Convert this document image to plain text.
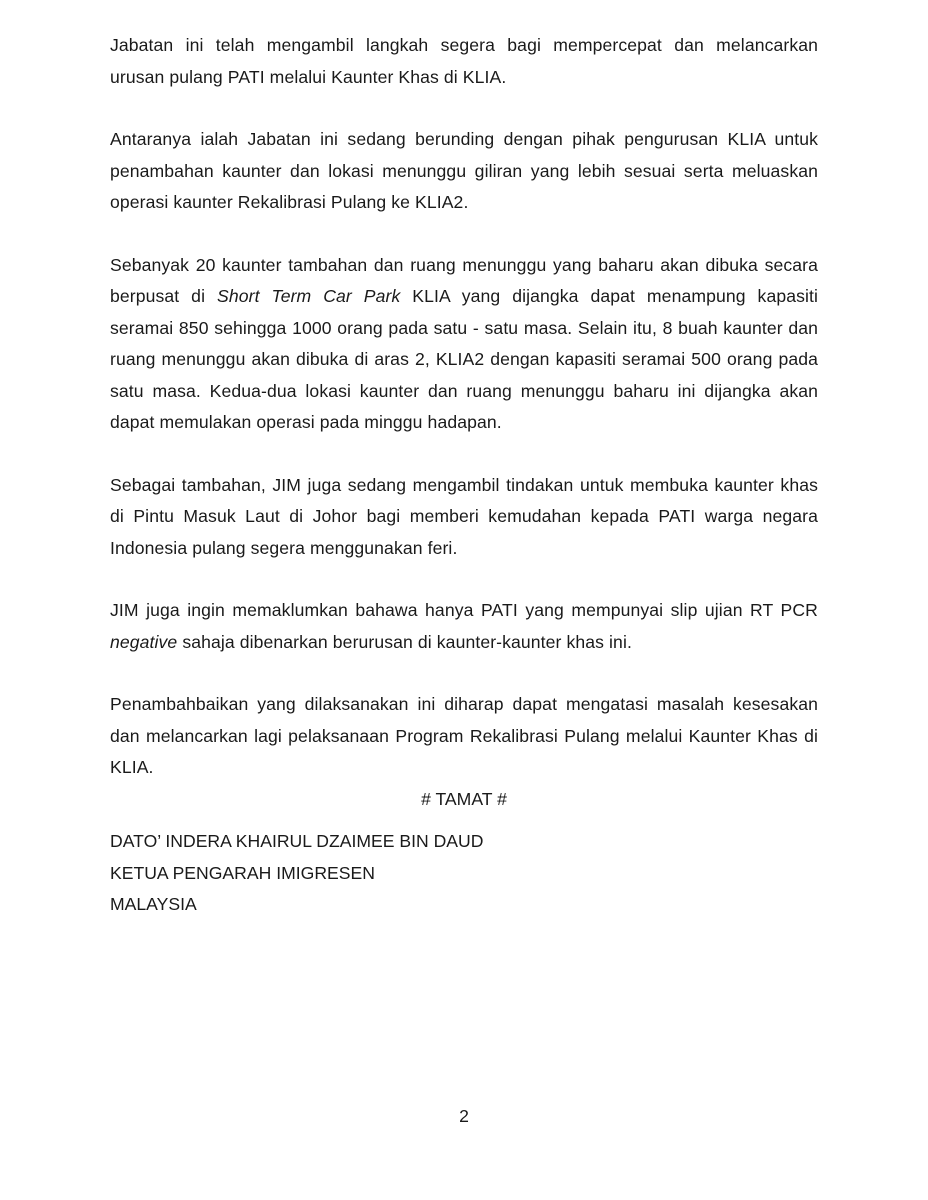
Jabatan ini telah mengambil langkah segera bagi mempercepat dan melancarkan
urusan pulang PATI melalui Kaunter Khas di KLIA.

Antaranya ialah Jabatan ini sedang berunding dengan pihak pengurusan KLIA untuk
penambahan kaunter dan lokasi menunggu giliran yang lebih sesuai serta meluaskan
operasi kaunter Rekalibrasi Pulang ke KLIA2.

Sebanyak 20 kaunter tambahan dan ruang menunggu yang baharu akan dibuka secara
berpusat di Short Term Car Park KLIA yang dijangka dapat menampung kapasiti
seramai 850 sehingga 1000 orang pada satu - satu masa. Selain itu, 8 buah kaunter dan
ruang menunggu akan dibuka di aras 2, KLIA2 dengan kapasiti seramai 500 orang pada
satu masa. Kedua-dua lokasi kaunter dan ruang menunggu baharu ini dijangka akan
dapat memulakan operasi pada minggu hadapan.

Sebagai tambahan, JIM juga sedang mengambil tindakan untuk membuka kaunter khas
di Pintu Masuk Laut di Johor bagi memberi kemudahan kepada PATI warga negara
Indonesia pulang segera menggunakan feri.

JIM juga ingin memaklumkan bahawa hanya PATI yang mempunyai slip ujian RT PCR
negative sahaja dibenarkan berurusan di kaunter-kaunter khas ini.

Penambahbaikan yang dilaksanakan ini diharap dapat mengatasi masalah kesesakan
dan melancarkan lagi pelaksanaan Program Rekalibrasi Pulang melalui Kaunter Khas di
KLIA.

# TAMAT #
DATO’ INDERA KHAIRUL DZAIMEE BIN DAUD
KETUA PENGARAH IMIGRESEN
MALAYSIA
2
